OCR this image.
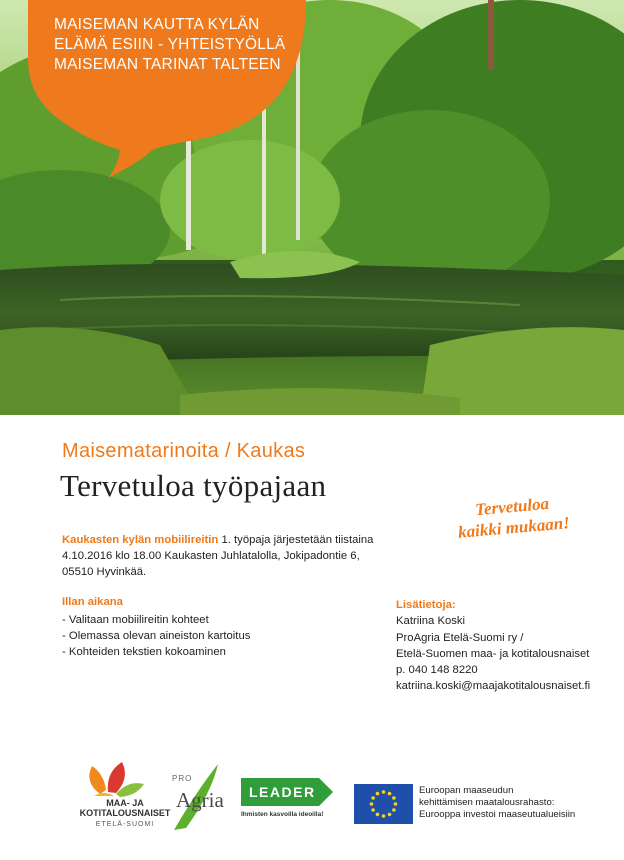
MAISEMAN KAUTTA KYLÄN
ELÄMÄ ESIIN - YHTEISTYÖLLÄ
MAISEMAN TARINAT TALTEEN
Maisematarinoita / Kaukas
Tervetuloa työpajaan
Tervetuloa
kaikki mukaan!
Kaukasten kylän mobiilireitin 1. työpaja järjestetään tiistaina 4.10.2016 klo 18.00 Kaukasten Juhlatalolla, Jokipadontie 6, 05510 Hyvinkää.
Illan aikana
- Valitaan mobiilireitin kohteet
- Olemassa olevan aineiston kartoitus
- Kohteiden tekstien kokoaminen
Lisätietoja:
Katriina Koski
ProAgria Etelä-Suomi ry /
Etelä-Suomen maa- ja kotitalousnaiset
p. 040 148 8220
katriina.koski@maajakotitalousnaiset.fi
MAA- JA
KOTITALOUSNAISET
ETELÄ-SUOMI
PRO
Agria LEADER
Ihmisten kasvoilla ideoilla!
Euroopan maaseudun
kehittämisen maatalousrahasto:
Eurooppa investoi maaseutualueisiin
